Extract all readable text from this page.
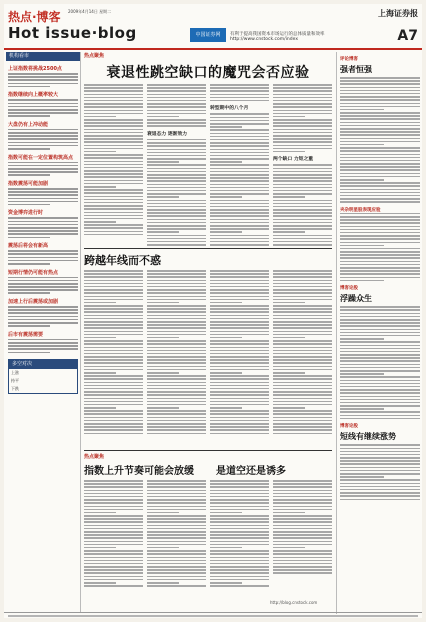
热点·博客
Hot issue·blog
2009年4月14日 星期二	上海证券报
A7
中国证券网	有利于提高我国资本市场运行的总体质量和效率 http://www.cnstock.com/index
机构看市
上证指数将挑战2500点
指数继续向上概率较大
大盘仍有上冲动能
指数可能在一定位置构筑高点
指数震荡可能加剧
资金博弈进行时
震荡后将会有新高
短期行情仍可能有热点
加速上行后震荡或加剧
后市有震荡需要
多空对决
上涨
持平
下跌
热点聚焦
衰退性跳空缺口的魔咒会否应验
衰退态力 逐渐效力
转型期中的八个月
两个缺口 力矩之重
跨越年线而不惑
热点聚焦
指数上升节奏可能会放缓 是道空还是诱多
http://blog.cnstock.com
评论博客
强者恒强
夹杂明星股表现应验
博客论股
浮躁众生
博客论股
短线有继续涨势
